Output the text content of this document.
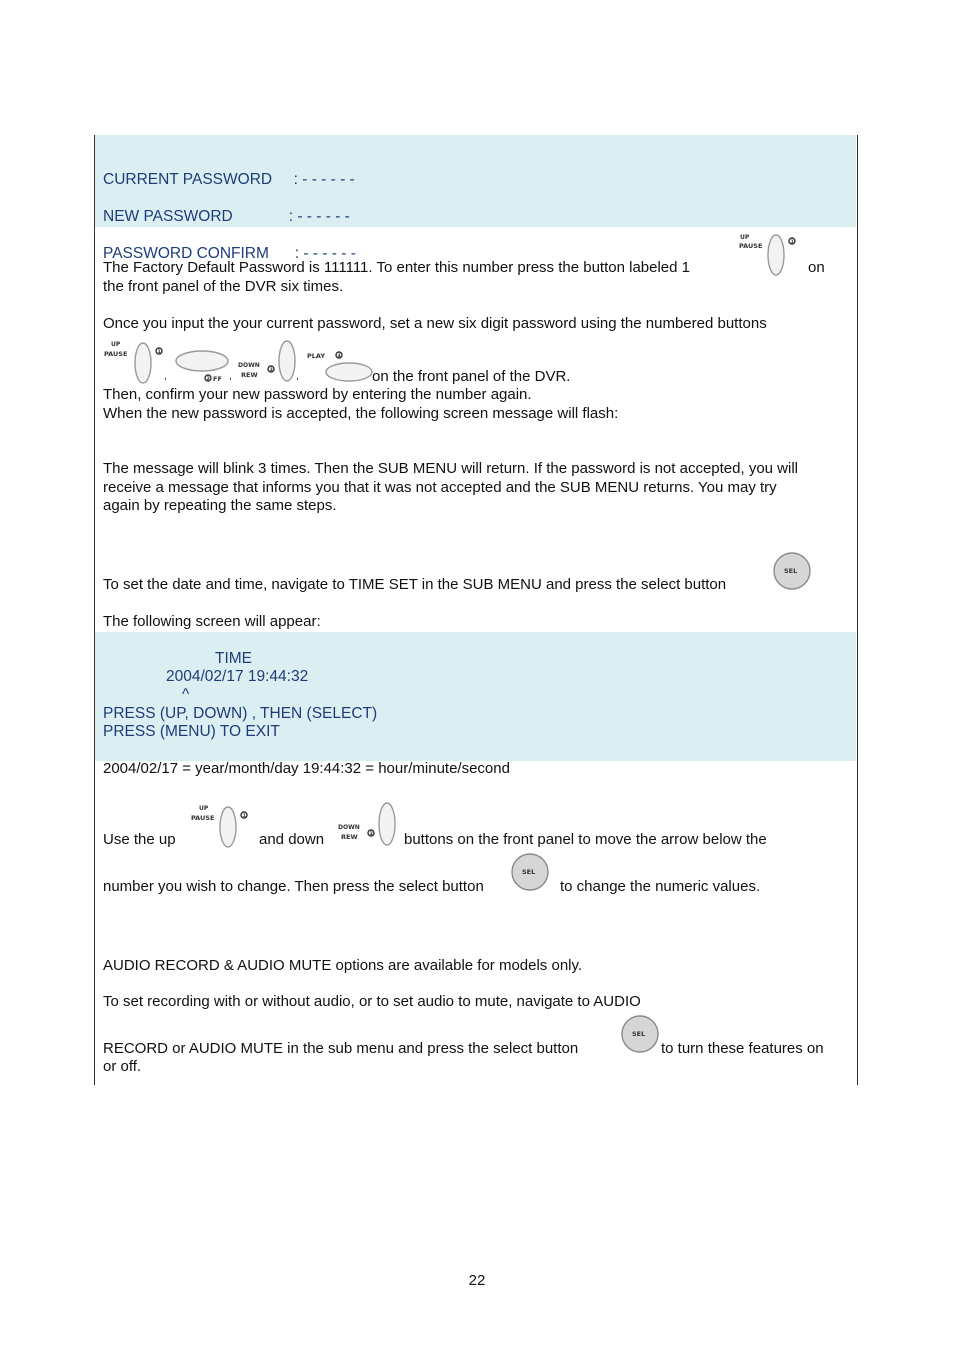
CURRENT PASSWORD     : - - - - - -

NEW PASSWORD             : - - - - - -

PASSWORD CONFIRM      : - - - - - -

UP
PAUSE	1
The Factory Default Password is 111111. To enter this number press the button labeled 1	on
the front panel of the DVR six times.
Once you input the your current password, set a new six digit password using the numbered buttons
UP
PAUSE	1
,	2 FF ,
DOWN
REW
3
,
PLAY	4
on the front panel of the DVR.
Then, confirm your new password by entering the number again.
When the new password is accepted, the following screen message will flash:
The message will blink 3 times. Then the SUB MENU will return. If the password is not accepted, you will
receive a message that informs you that it was not accepted and the SUB MENU returns. You may try
again by repeating the same steps.
To set the date and time, navigate to TIME SET in the SUB MENU and press the select button
SEL
The following screen will appear:
TIME
2004/02/17 19:44:32
^
PRESS (UP, DOWN) , THEN (SELECT)
PRESS (MENU) TO EXIT
2004/02/17 = year/month/day 19:44:32 = hour/minute/second
Use the up
UP
PAUSE	1
and down
DOWN
REW	3 buttons on the front panel to move the arrow below the
number you wish to change. Then press the select button
SEL
to change the numeric values.
AUDIO RECORD & AUDIO MUTE options are available for models only.
To set recording with or without audio, or to set audio to mute, navigate to AUDIO
RECORD or AUDIO MUTE in the sub menu and press the select button
SEL
to turn these features on
or off.
22
